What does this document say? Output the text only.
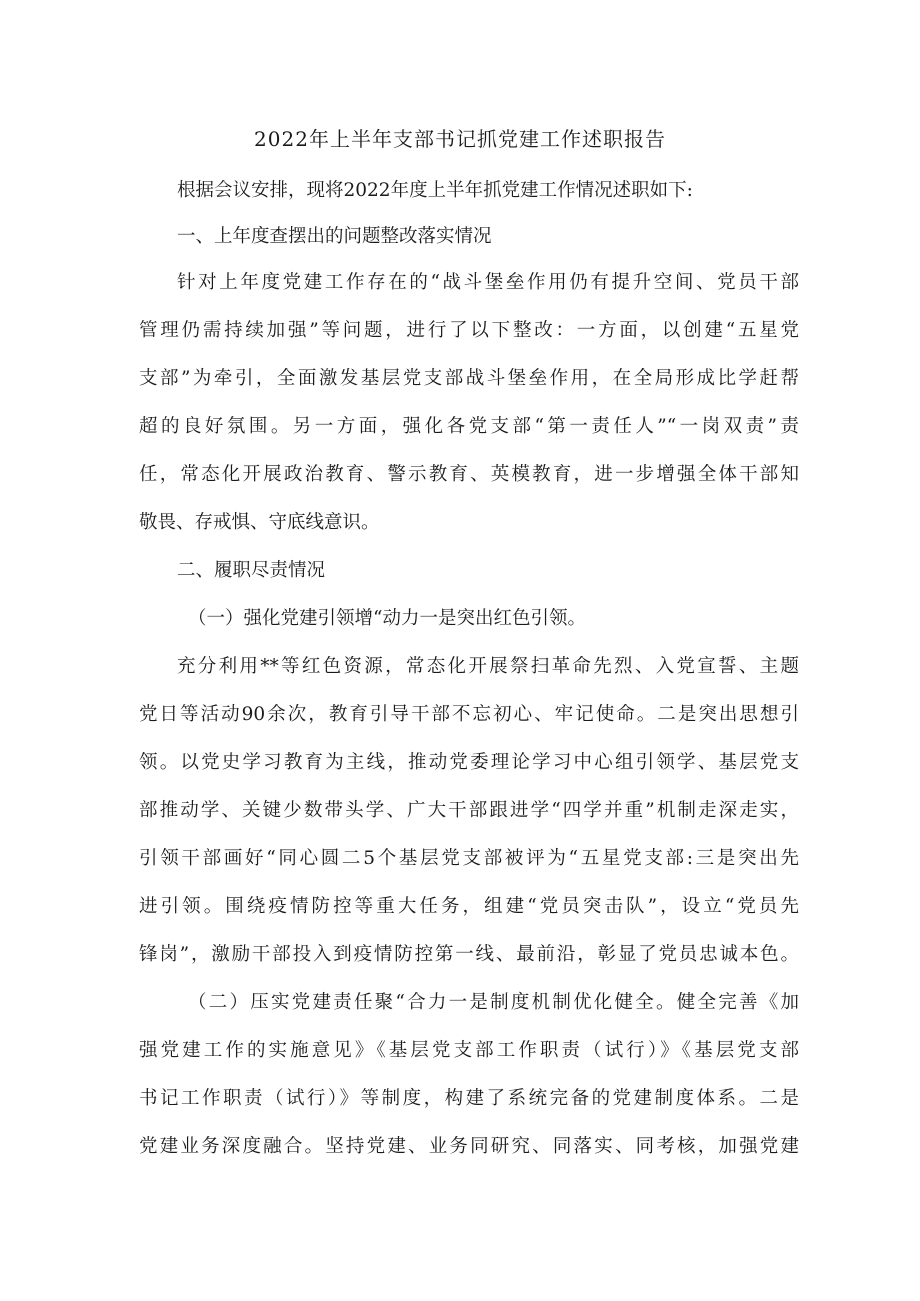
2022年上半年支部书记抓党建工作述职报告
根据会议安排，现将2022年度上半年抓党建工作情况述职如下:
一、上年度查摆出的问题整改落实情况
针对上年度党建工作存在的“战斗堡垒作用仍有提升空间、党员干部
管理仍需持续加强”等问题，进行了以下整改：一方面，以创建“五星党
支部”为牵引，全面激发基层党支部战斗堡垒作用，在全局形成比学赶帮
超的良好氛围。另一方面，强化各党支部“第一责任人”“一岗双责”责
任，常态化开展政治教育、警示教育、英模教育，进一步增强全体干部知
敬畏、存戒惧、守底线意识。
二、履职尽责情况
（一）强化党建引领增“动力一是突出红色引领。
充分利用**等红色资源，常态化开展祭扫革命先烈、入党宣誓、主题
党日等活动90余次，教育引导干部不忘初心、牢记使命。二是突出思想引
领。以党史学习教育为主线，推动党委理论学习中心组引领学、基层党支
部推动学、关键少数带头学、广大干部跟进学“四学并重”机制走深走实，
引领干部画好“同心圆二5个基层党支部被评为“五星党支部:三是突出先
进引领。围绕疫情防控等重大任务，组建“党员突击队”，设立“党员先
锋岗”，激励干部投入到疫情防控第一线、最前沿，彰显了党员忠诚本色。
（二）压实党建责任聚“合力一是制度机制优化健全。健全完善《加
强党建工作的实施意见》《基层党支部工作职责（试行）》《基层党支部
书记工作职责（试行）》等制度，构建了系统完备的党建制度体系。二是
党建业务深度融合。坚持党建、业务同研究、同落实、同考核，加强党建
